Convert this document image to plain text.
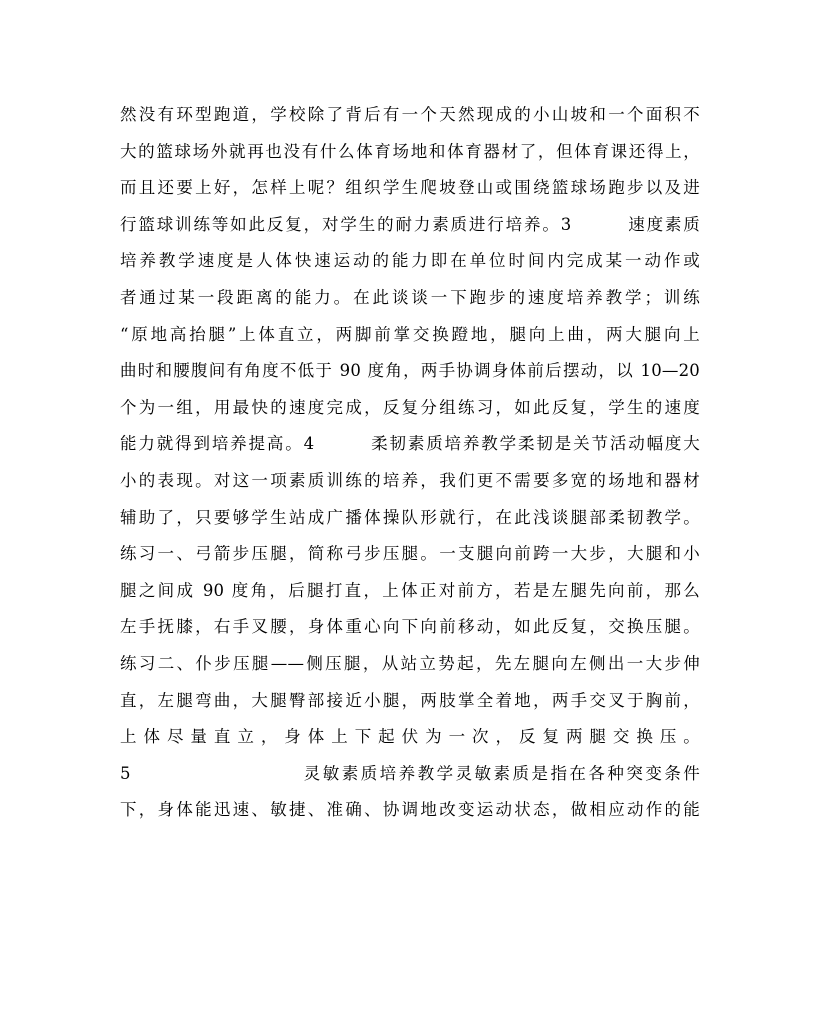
然没有环型跑道，学校除了背后有一个天然现成的小山坡和一个面积不
大的篮球场外就再也没有什么体育场地和体育器材了，但体育课还得上，
而且还要上好，怎样上呢？组织学生爬坡登山或围绕篮球场跑步以及进
行篮球训练等如此反复，对学生的耐力素质进行培养。3　　　速度素质
培养教学速度是人体快速运动的能力即在单位时间内完成某一动作或
者通过某一段距离的能力。在此谈谈一下跑步的速度培养教学；训练
“原地高抬腿”上体直立，两脚前掌交换蹬地，腿向上曲，两大腿向上
曲时和腰腹间有角度不低于 90 度角，两手协调身体前后摆动，以 10—20
个为一组，用最快的速度完成，反复分组练习，如此反复，学生的速度
能力就得到培养提高。4　　　柔韧素质培养教学柔韧是关节活动幅度大
小的表现。对这一项素质训练的培养，我们更不需要多宽的场地和器材
辅助了，只要够学生站成广播体操队形就行，在此浅谈腿部柔韧教学。
练习一、弓箭步压腿，简称弓步压腿。一支腿向前跨一大步，大腿和小
腿之间成 90 度角，后腿打直，上体正对前方，若是左腿先向前，那么
左手抚膝，右手叉腰，身体重心向下向前移动，如此反复，交换压腿。
练习二、仆步压腿——侧压腿，从站立势起，先左腿向左侧出一大步伸
直，左腿弯曲，大腿臀部接近小腿，两肢掌全着地，两手交叉于胸前，
上体尽量直立，身体上下起伏为一次，反复两腿交换压。
5　　　　　　　　　灵敏素质培养教学灵敏素质是指在各种突变条件
下，身体能迅速、敏捷、准确、协调地改变运动状态，做相应动作的能
